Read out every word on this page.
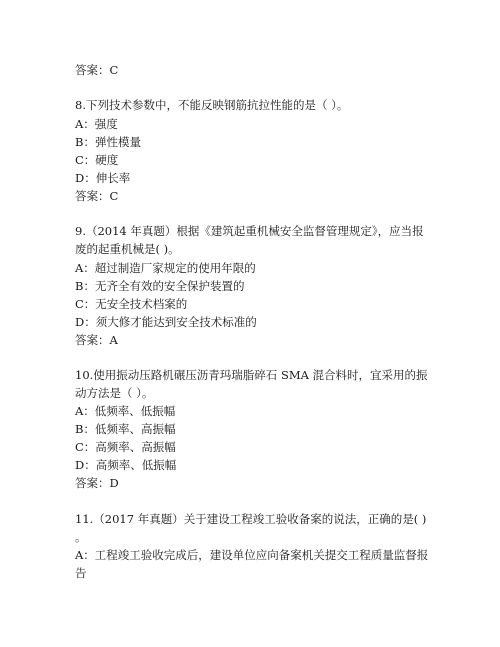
答案：C
8.下列技术参数中，不能反映钢筋抗拉性能的是（ ）。
A：强度
B：弹性模量
C：硬度
D：伸长率
答案：C
9.（2014 年真题）根据《建筑起重机械安全监督管理规定》，应当报
废的起重机械是( )。
A：超过制造厂家规定的使用年限的
B：无齐全有效的安全保护装置的
C：无安全技术档案的
D：须大修才能达到安全技术标准的
答案：A
10.使用振动压路机碾压沥青玛瑞脂碎石 SMA 混合料时，宜采用的振
动方法是（ ）。
A：低频率、低振幅
B：低频率、高振幅
C：高频率、高振幅
D：高频率、低振幅
答案：D
11.（2017 年真题）关于建设工程竣工验收备案的说法，正确的是( )
。
A：工程竣工验收完成后，建设单位应向备案机关提交工程质量监督报
告
